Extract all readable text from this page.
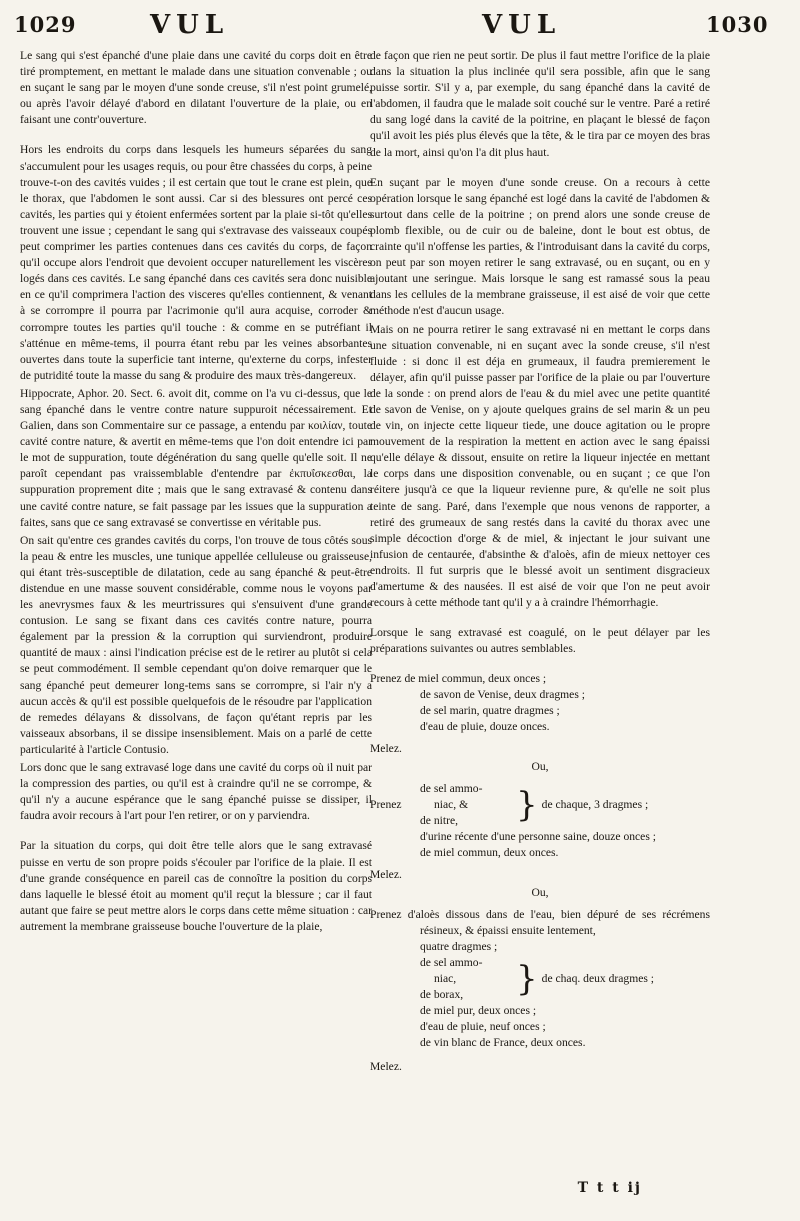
1029	VUL	VUL	1030

Le sang qui s'est épanché d'une plaie dans une cavité du corps doit en être tiré promptement, en mettant le malade dans une situation convenable ; ou en suçant le sang par le moyen d'une sonde creuse, s'il n'est point grumelé, ou après l'avoir délayé d'abord en dilatant l'ouverture de la plaie, ou en faisant une contr'ouverture.

Hors les endroits du corps dans lesquels les humeurs séparées du sang s'accumulent pour les usages requis, ou pour être chassées du corps, à peine trouve-t-on des cavités vuides ; il est certain que tout le crane est plein, que le thorax, que l'abdomen le sont aussi. Car si des blessures ont percé ces cavités, les parties qui y étoient enfermées sortent par la plaie si-tôt qu'elles trouvent une issue ; cependant le sang qui s'extravase des vaisseaux coupés peut comprimer les parties contenues dans ces cavités du corps, de façon qu'il occupe alors l'endroit que devoient occuper naturellement les viscères logés dans ces cavités. Le sang épanché dans ces cavités sera donc nuisible en ce qu'il comprimera l'action des visceres qu'elles contiennent, & venant à se corrompre il pourra par l'acrimonie qu'il aura acquise, corroder & corrompre toutes les parties qu'il touche : & comme en se putréfiant il s'atténue en même-tems, il pourra étant rebu par les veines absorbantes ouvertes dans toute la superficie tant interne, qu'externe du corps, infester de putridité toute la masse du sang & produire des maux très-dangereux.

Hippocrate, Aphor. 20. Sect. 6. avoit dit, comme on l'a vu ci-dessus, que le sang épanché dans le ventre contre nature suppuroit nécessairement. Et Galien, dans son Commentaire sur ce passage, a entendu par κοιλίαν, toute cavité contre nature, & avertit en même-tems que l'on doit entendre ici par le mot de suppuration, toute dégénération du sang quelle qu'elle soit. Il ne paroît cependant pas vraissemblable d'entendre par ἐκπυΐσκεσθαι, la suppuration proprement dite ; mais que le sang extravasé & contenu dans une cavité contre nature, se fait passage par les issues que la suppuration a faites, sans que ce sang extravasé se convertisse en véritable pus.

On sait qu'entre ces grandes cavités du corps, l'on trouve de tous côtés sous la peau & entre les muscles, une tunique appellée celluleuse ou graisseuse, qui étant très-susceptible de dilatation, cede au sang épanché & peut-être distendue en une masse souvent considérable, comme nous le voyons par les anevrysmes faux & les meurtrissures qui s'ensuivent d'une grande contusion. Le sang se fixant dans ces cavités contre nature, pourra également par la pression & la corruption qui surviendront, produire quantité de maux : ainsi l'indication précise est de le retirer au plutôt si cela se peut commodément. Il semble cependant qu'on doive remarquer que le sang épanché peut demeurer long-tems sans se corrompre, si l'air n'y a aucun accès & qu'il est possible quelquefois de le résoudre par l'application de remedes délayans & dissolvans, de façon qu'étant repris par les vaisseaux absorbans, il se dissipe insensiblement. Mais on a parlé de cette particularité à l'article Contusio.

Lors donc que le sang extravasé loge dans une cavité du corps où il nuit par la compression des parties, ou qu'il est à craindre qu'il ne se corrompe, & qu'il n'y a aucune espérance que le sang épanché puisse se dissiper, il faudra avoir recours à l'art pour l'en retirer, or on y parviendra.

Par la situation du corps, qui doit être telle alors que le sang extravasé puisse en vertu de son propre poids s'écouler par l'orifice de la plaie. Il est d'une grande conséquence en pareil cas de connoître la position du corps dans laquelle le blessé étoit au moment qu'il reçut la blessure ; car il faut autant que faire se peut mettre alors le corps dans cette même situation : car autrement la membrane graisseuse bouche l'ouverture de la plaie,

de façon que rien ne peut sortir. De plus il faut mettre l'orifice de la plaie dans la situation la plus inclinée qu'il sera possible, afin que le sang puisse sortir. S'il y a, par exemple, du sang épanché dans la cavité de l'abdomen, il faudra que le malade soit couché sur le ventre. Paré a retiré du sang logé dans la cavité de la poitrine, en plaçant le blessé de façon qu'il avoit les piés plus élevés que la tête, & le tira par ce moyen des bras de la mort, ainsi qu'on l'a dit plus haut.

En suçant par le moyen d'une sonde creuse. On a recours à cette opération lorsque le sang épanché est logé dans la cavité de l'abdomen & surtout dans celle de la poitrine ; on prend alors une sonde creuse de plomb flexible, ou de cuir ou de baleine, dont le bout est obtus, de crainte qu'il n'offense les parties, & l'introduisant dans la cavité du corps, on peut par son moyen retirer le sang extravasé, ou en suçant, ou en y ajoutant une seringue. Mais lorsque le sang est ramassé sous la peau dans les cellules de la membrane graisseuse, il est aisé de voir que cette méthode n'est d'aucun usage.

Mais on ne pourra retirer le sang extravasé ni en mettant le corps dans une situation convenable, ni en suçant avec la sonde creuse, s'il n'est fluide : si donc il est déja en grumeaux, il faudra premierement le délayer, afin qu'il puisse passer par l'orifice de la plaie ou par l'ouverture de la sonde : on prend alors de l'eau & du miel avec une petite quantité de savon de Venise, on y ajoute quelques grains de sel marin & un peu de vin, on injecte cette liqueur tiede, une douce agitation ou le propre mouvement de la respiration la mettent en action avec le sang épaissi qu'elle délaye & dissout, ensuite on retire la liqueur injectée en mettant le corps dans une disposition convenable, ou en suçant ; ce que l'on réitere jusqu'à ce que la liqueur revienne pure, & qu'elle ne soit plus teinte de sang. Paré, dans l'exemple que nous venons de rapporter, a retiré des grumeaux de sang restés dans la cavité du thorax avec une simple décoction d'orge & de miel, & injectant le jour suivant une infusion de centaurée, d'absinthe & d'aloès, afin de mieux nettoyer ces endroits. Il fut surpris que le blessé avoit un sentiment disgracieux d'amertume & des nausées. Il est aisé de voir que l'on ne peut avoir recours à cette méthode tant qu'il y a à craindre l'hémorrhagie.

Lorsque le sang extravasé est coagulé, on le peut délayer par les préparations suivantes ou autres semblables.

Prenez de miel commun, deux onces ;
de savon de Venise, deux dragmes ;
de sel marin, quatre dragmes ;
d'eau de pluie, douze onces.
Melez.
Ou,
Prenez
de sel ammo-
niac, &
de nitre,	} de chaque, 3 dragmes ;
d'urine récente d'une personne saine, douze onces ;
de miel commun, deux onces.
Melez.
Ou,
Prenez d'aloès dissous dans de l'eau, bien dépuré de ses récrémens résineux, & épaissi ensuite lentement,
quatre dragmes ;
de sel ammo-
niac,
de borax,	} de chaq. deux dragmes ;
de miel pur, deux onces ;
d'eau de pluie, neuf onces ;
de vin blanc de France, deux onces.
Melez.
T t t ij
